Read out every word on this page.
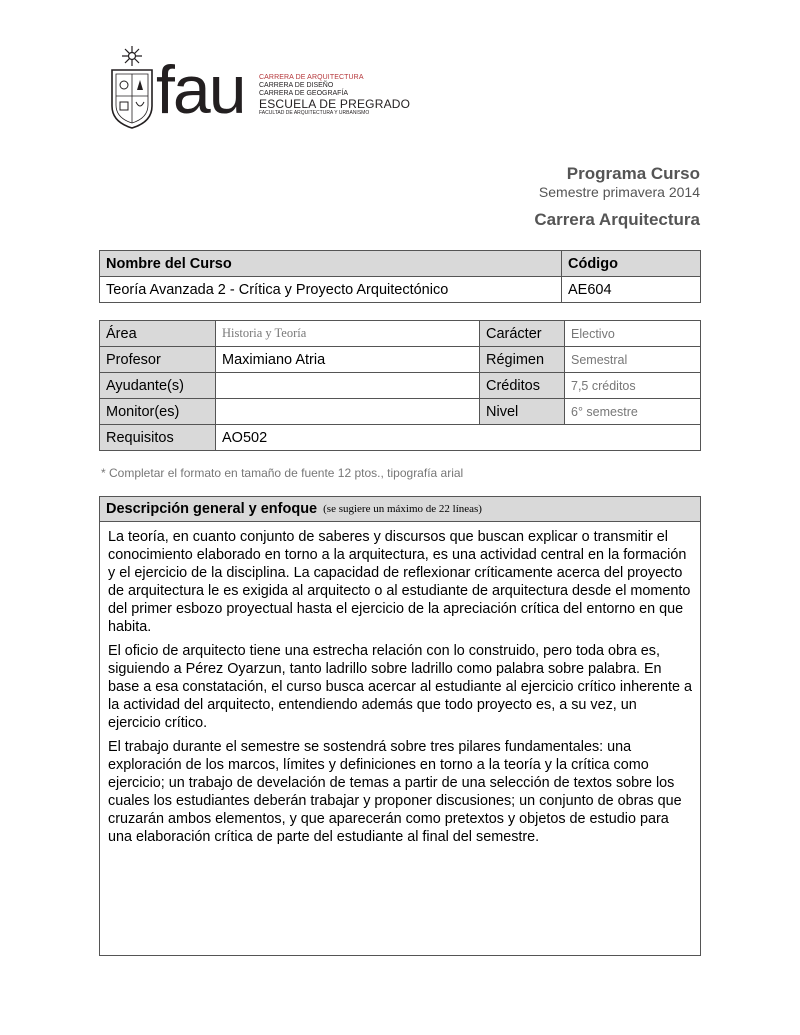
fau CARRERA DE ARQUITECTURA
CARRERA DE DISEÑO
CARRERA DE GEOGRAFÍA
ESCUELA DE PREGRADO
FACULTAD DE ARQUITECTURA Y URBANISMO
Programa Curso
Semestre primavera 2014
Carrera Arquitectura
Nombre del Curso	Código
Teoría Avanzada 2 - Crítica y Proyecto Arquitectónico	AE604
Área	Historia y Teoría	Carácter	Electivo
Profesor	Maximiano Atria	Régimen	Semestral
Ayudante(s)		Créditos	7,5 créditos
Monitor(es)		Nivel	6° semestre
Requisitos	AO502		
* Completar el formato en tamaño de fuente 12 ptos., tipografía arial
Descripción general y enfoque (se sugiere un máximo de 22 líneas)

La teoría, en cuanto conjunto de saberes y discursos que buscan explicar o transmitir el conocimiento elaborado en torno a la arquitectura, es una actividad central en la formación y el ejercicio de la disciplina. La capacidad de reflexionar críticamente acerca del proyecto de arquitectura le es exigida al arquitecto o al estudiante de arquitectura desde el momento del primer esbozo proyectual hasta el ejercicio de la apreciación crítica del entorno en que habita.

El oficio de arquitecto tiene una estrecha relación con lo construido, pero toda obra es, siguiendo a Pérez Oyarzun, tanto ladrillo sobre ladrillo como palabra sobre palabra. En base a esa constatación, el curso busca acercar al estudiante al ejercicio crítico inherente a la actividad del arquitecto, entendiendo además que todo proyecto es, a su vez, un ejercicio crítico.

El trabajo durante el semestre se sostendrá sobre tres pilares fundamentales: una exploración de los marcos, límites y definiciones en torno a la teoría y la crítica como ejercicio; un trabajo de develación de temas a partir de una selección de textos sobre los cuales los estudiantes deberán trabajar y proponer discusiones; un conjunto de obras que cruzarán ambos elementos, y que aparecerán como pretextos y objetos de estudio para una elaboración crítica de parte del estudiante al final del semestre.
